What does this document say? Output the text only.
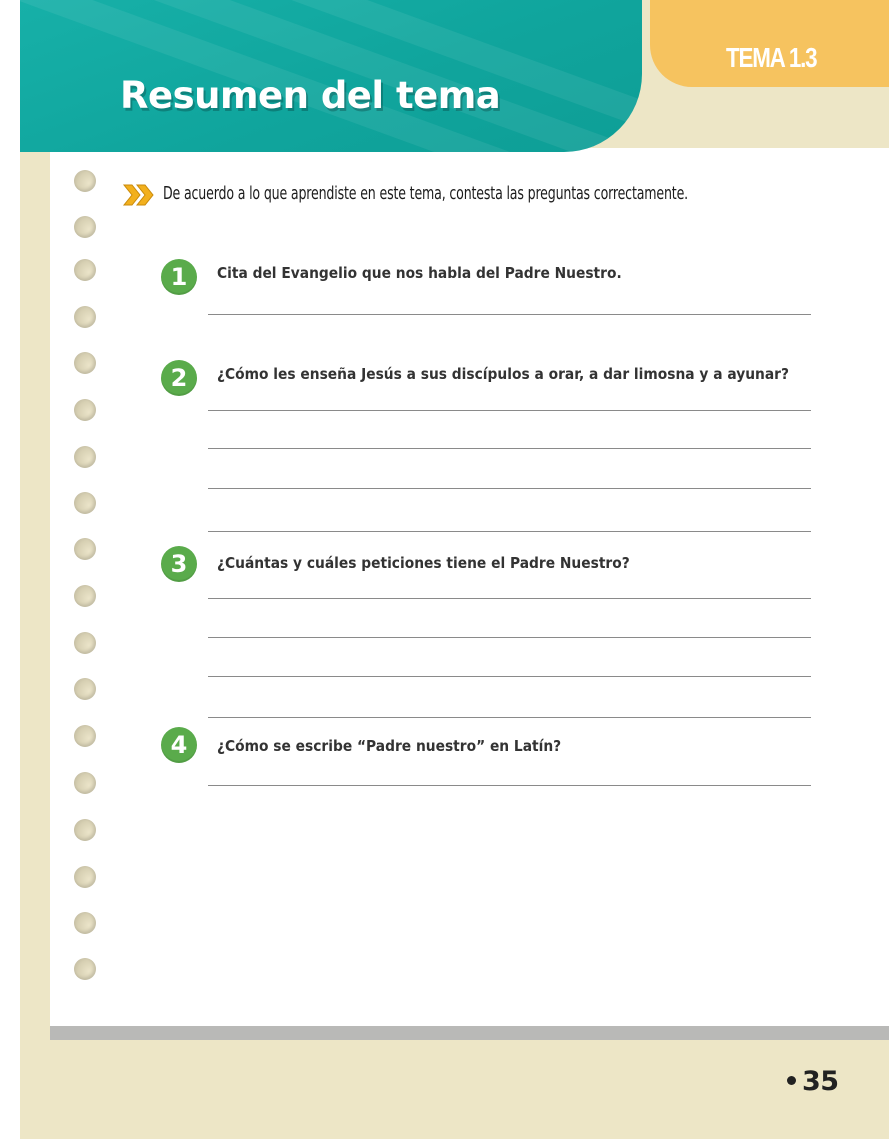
Resumen del tema
TEMA 1.3
De acuerdo a lo que aprendiste en este tema, contesta las preguntas correctamente.
1	Cita del Evangelio que nos habla del Padre Nuestro.
2	¿Cómo les enseña Jesús a sus discípulos a orar, a dar limosna y a ayunar?
3	¿Cuántas y cuáles peticiones tiene el Padre Nuestro?
4	¿Cómo se escribe “Padre nuestro” en Latín?
35
